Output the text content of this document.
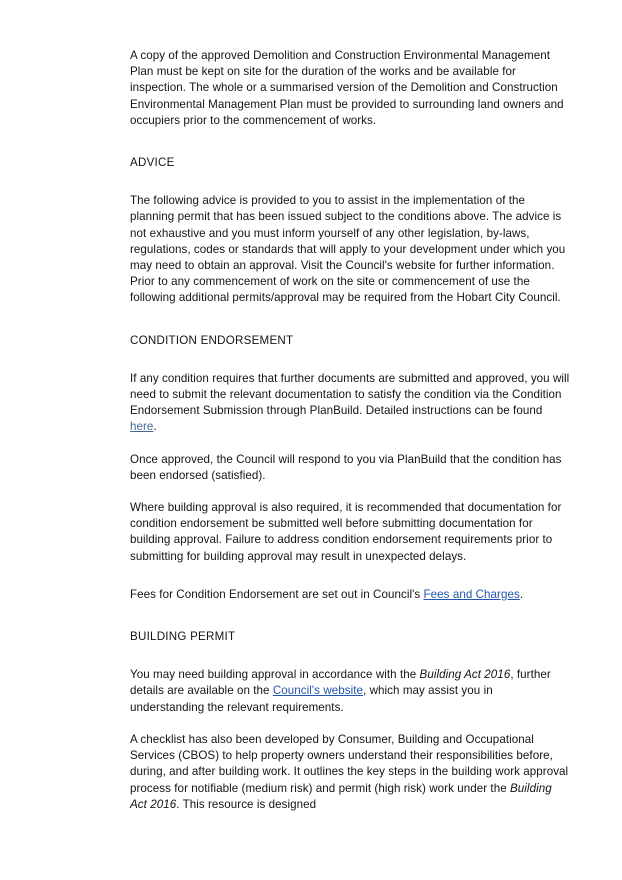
A copy of the approved Demolition and Construction Environmental Management Plan must be kept on site for the duration of the works and be available for inspection. The whole or a summarised version of the Demolition and Construction Environmental Management Plan must be provided to surrounding land owners and occupiers prior to the commencement of works.

ADVICE

The following advice is provided to you to assist in the implementation of the planning permit that has been issued subject to the conditions above. The advice is not exhaustive and you must inform yourself of any other legislation, by-laws, regulations, codes or standards that will apply to your development under which you may need to obtain an approval. Visit the Council's website for further information.

Prior to any commencement of work on the site or commencement of use the following additional permits/approval may be required from the Hobart City Council.

CONDITION ENDORSEMENT

If any condition requires that further documents are submitted and approved, you will need to submit the relevant documentation to satisfy the condition via the Condition Endorsement Submission through PlanBuild. Detailed instructions can be found here.

Once approved, the Council will respond to you via PlanBuild that the condition has been endorsed (satisfied).

Where building approval is also required, it is recommended that documentation for condition endorsement be submitted well before submitting documentation for building approval. Failure to address condition endorsement requirements prior to submitting for building approval may result in unexpected delays.

Fees for Condition Endorsement are set out in Council's Fees and Charges.

BUILDING PERMIT

You may need building approval in accordance with the Building Act 2016, further details are available on the Council's website, which may assist you in understanding the relevant requirements.

A checklist has also been developed by Consumer, Building and Occupational Services (CBOS) to help property owners understand their responsibilities before, during, and after building work. It outlines the key steps in the building work approval process for notifiable (medium risk) and permit (high risk) work under the Building Act 2016. This resource is designed
